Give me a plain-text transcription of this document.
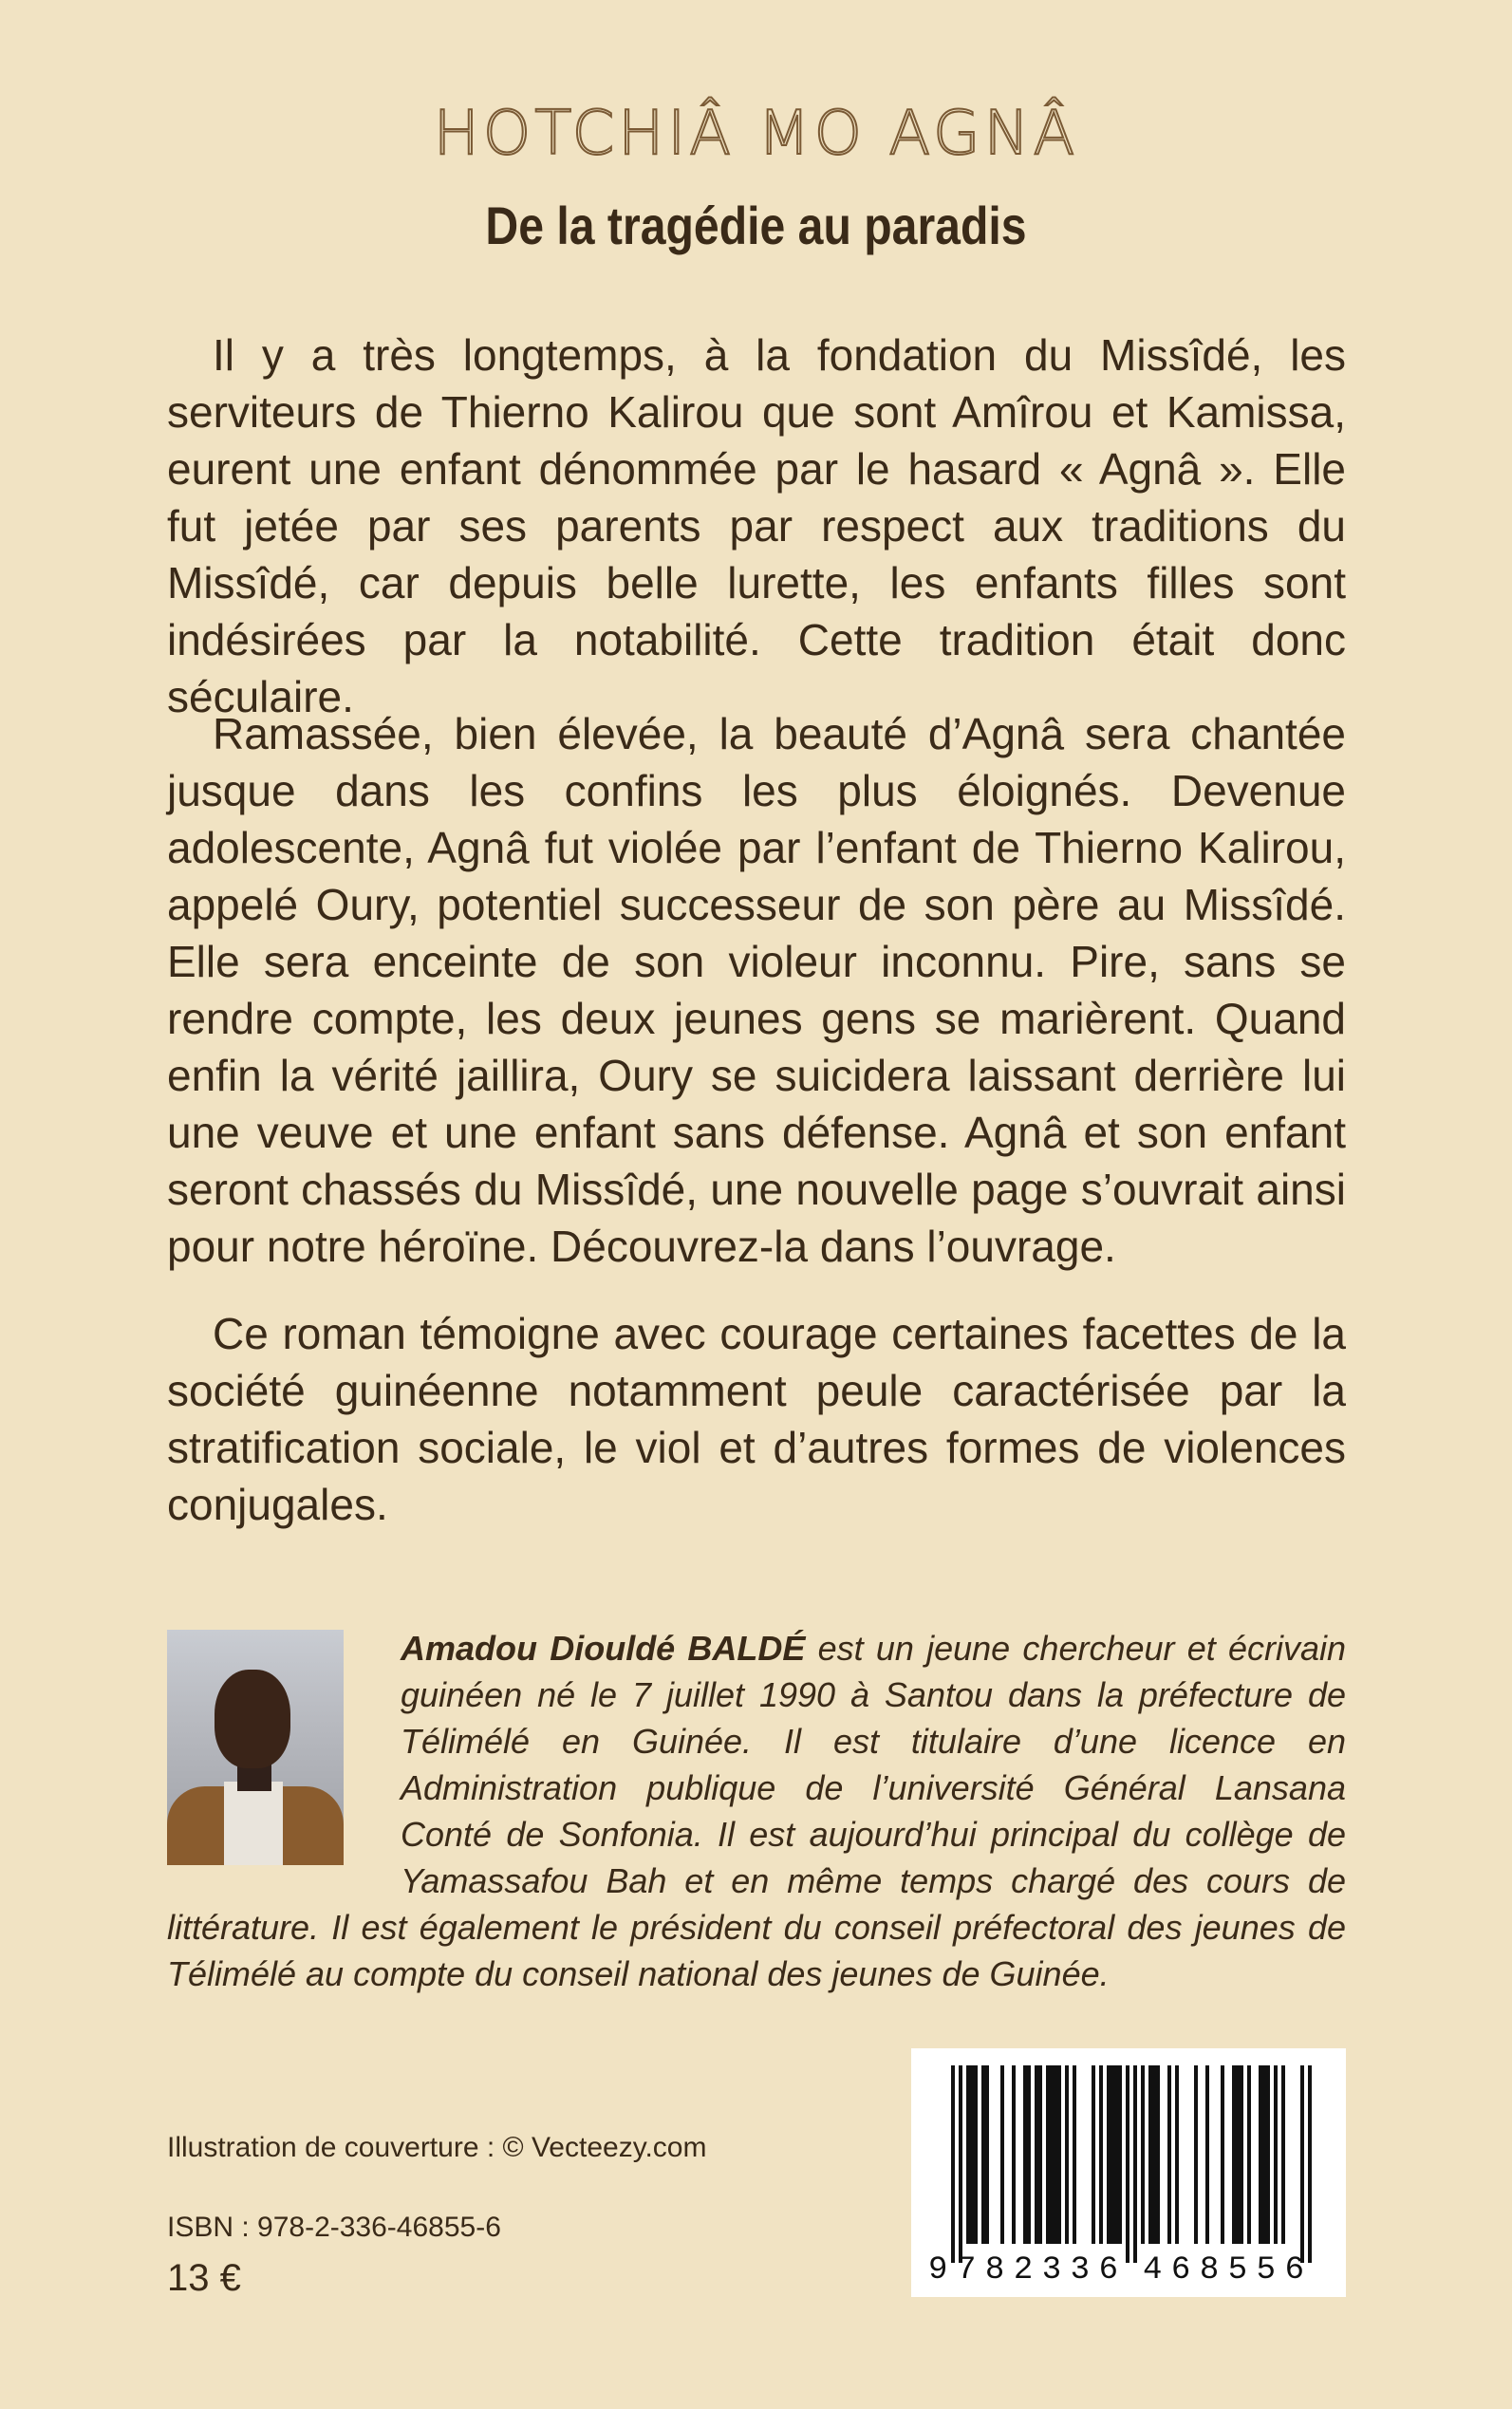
HOTCHIÂ MO AGNÂ
De la tragédie au paradis

Il y a très longtemps, à la fondation du Missîdé, les serviteurs de Thierno Kalirou que sont Amîrou et Kamissa, eurent une enfant dénommée par le hasard « Agnâ ». Elle fut jetée par ses parents par respect aux traditions du Missîdé, car depuis belle lurette, les enfants filles sont indésirées par la notabilité. Cette tradition était donc séculaire.

Ramassée, bien élevée, la beauté d’Agnâ sera chantée jusque dans les confins les plus éloignés. Devenue adolescente, Agnâ fut violée par l’enfant de Thierno Kalirou, appelé Oury, potentiel successeur de son père au Missîdé. Elle sera enceinte de son violeur inconnu. Pire, sans se rendre compte, les deux jeunes gens se marièrent. Quand enfin la vérité jaillira, Oury se suicidera laissant derrière lui une veuve et une enfant sans défense. Agnâ et son enfant seront chassés du Missîdé, une nouvelle page s’ouvrait ainsi pour notre héroïne. Découvrez-la dans l’ouvrage.

Ce roman témoigne avec courage certaines facettes de la société guinéenne notamment peule caractérisée par la stratification sociale, le viol et d’autres formes de violences conjugales.

Amadou Diouldé BALDÉ est un jeune chercheur et écrivain guinéen né le 7 juillet 1990 à Santou dans la préfecture de Télimélé en Guinée. Il est titulaire d’une licence en Administration publique de l’université Général Lansana Conté de Sonfonia. Il est aujourd’hui principal du collège de Yamassafou Bah et en même temps chargé des cours de littérature. Il est également le président du conseil préfectoral des jeunes de Télimélé au compte du conseil national des jeunes de Guinée.

Illustration de couverture : © Vecteezy.com

ISBN : 978-2-336-46855-6

13 €	9 782336 468556
